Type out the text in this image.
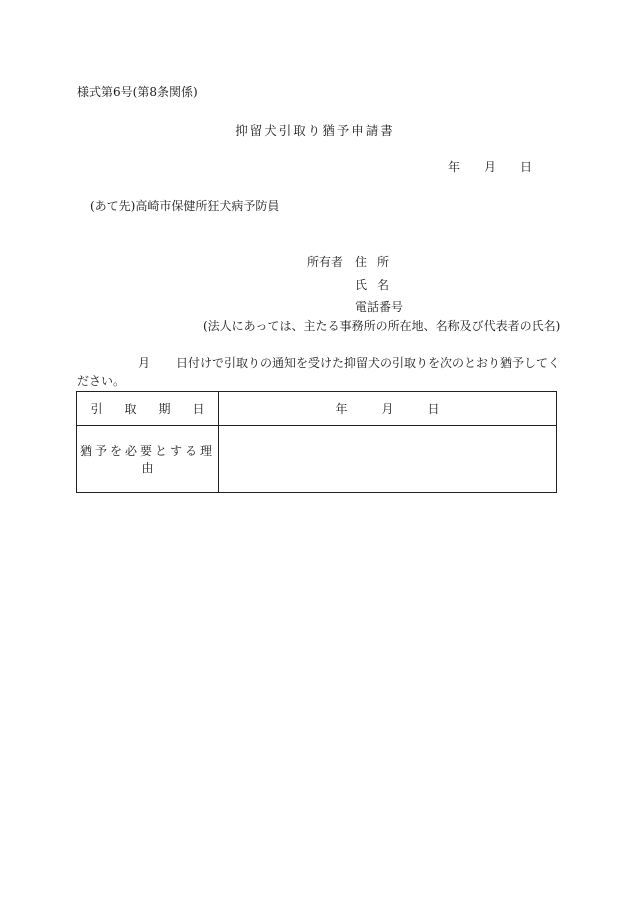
様式第6号(第8条関係)
抑留犬引取り猶予申請書
年 月 日
(あて先)高崎市保健所狂犬病予防員
所有者 住所
氏名
電話番号
(法人にあっては、主たる事務所の所在地、名称及び代表者の氏名)
月 日付けで引取りの通知を受けた抑留犬の引取りを次のとおり猶予してく
ださい。
引取期日	年 月 日
猶予を必要とする理由	
